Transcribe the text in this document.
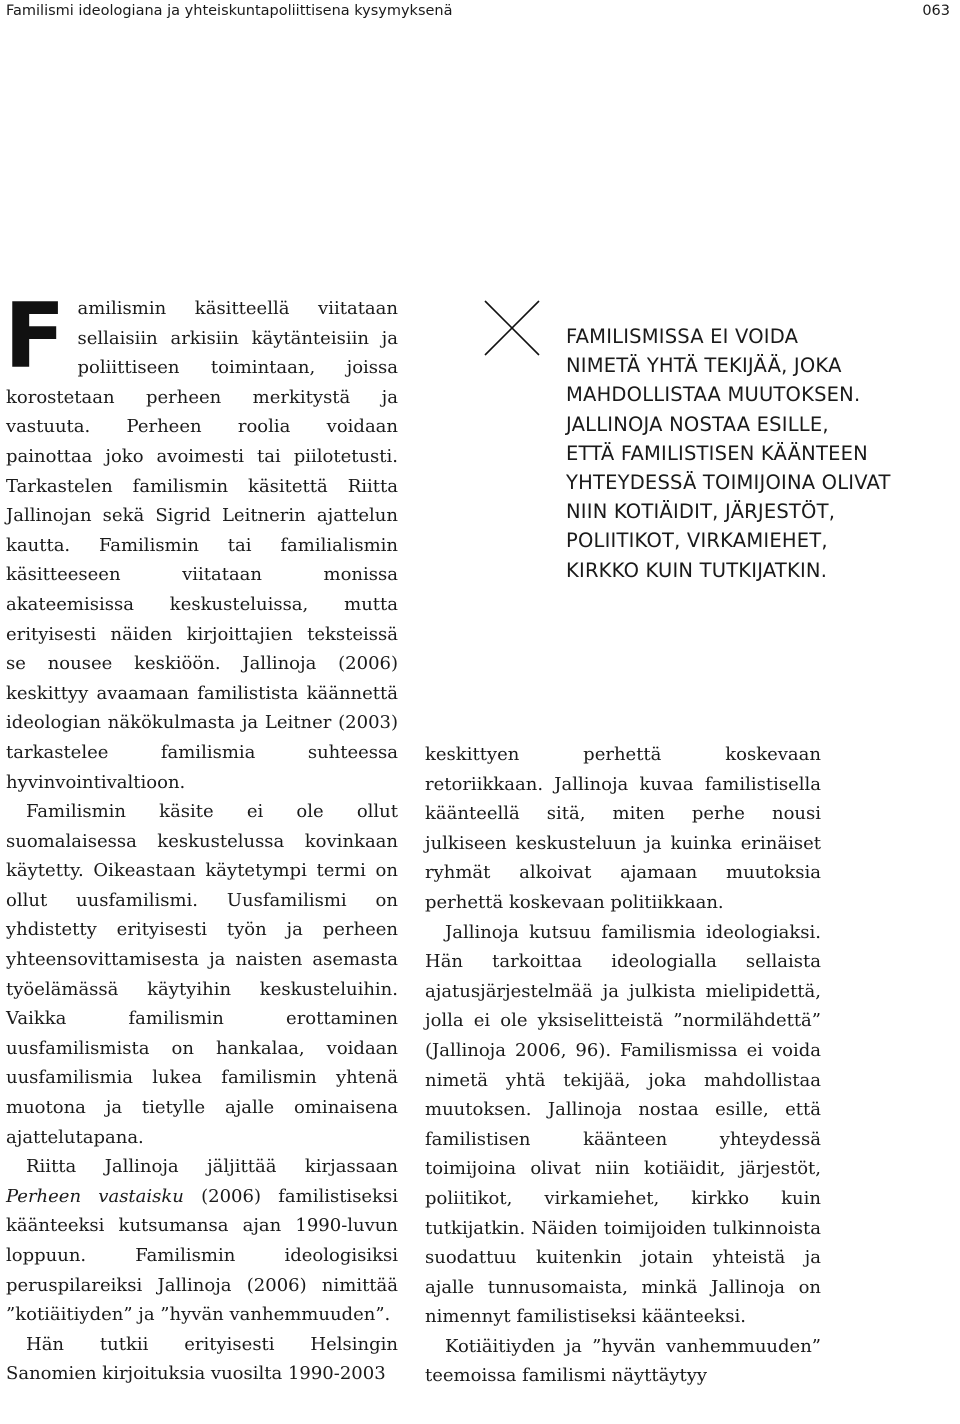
Familismi ideologiana ja yhteiskuntapoliittisena kysymyksenä	063

Familismin käsitteellä viitataan sellaisiin arkisiin käytänteisiin ja poliittiseen toimintaan, joissa korostetaan perheen merkitystä ja vastuuta. Perheen roolia voidaan painottaa joko avoimesti tai piilotetusti. Tarkastelen familismin käsitettä Riitta Jallinojan sekä Sigrid Leitnerin ajattelun kautta. Familismin tai familialismin käsitteeseen viitataan monissa akateemisissa keskusteluissa, mutta erityisesti näiden kirjoittajien teksteissä se nousee keskiöön. Jallinoja (2006) keskittyy avaamaan familistista käännettä ideologian näkökulmasta ja Leitner (2003) tarkastelee familismia suhteessa hyvinvointivaltioon.

Familismin käsite ei ole ollut suomalaisessa keskustelussa kovinkaan käytetty. Oikeastaan käytetympi termi on ollut uusfamilismi. Uusfamilismi on yhdistetty erityisesti työn ja perheen yhteensovittamisesta ja naisten asemasta työelämässä käytyihin keskusteluihin. Vaikka familismin erottaminen uusfamilismista on hankalaa, voidaan uusfamilismia lukea familismin yhtenä muotona ja tietylle ajalle ominaisena ajattelutapana.

Riitta Jallinoja jäljittää kirjassaan Perheen vastaisku (2006) familistiseksi käänteeksi kutsumansa ajan 1990-luvun loppuun. Familismin ideologisiksi peruspilareiksi Jallinoja (2006) nimittää ”kotiäitiyden” ja ”hyvän vanhemmuuden”.

Hän tutkii erityisesti Helsingin Sanomien kirjoituksia vuosilta 1990-2003

FAMILISMISSA EI VOIDA
NIMETÄ YHTÄ TEKIJÄÄ, JOKA
MAHDOLLISTAA MUUTOKSEN.
JALLINOJA NOSTAA ESILLE,
ETTÄ FAMILISTISEN KÄÄNTEEN
YHTEYDESSÄ TOIMIJOINA OLIVAT
NIIN KOTIÄIDIT, JÄRJESTÖT,
POLIITIKOT, VIRKAMIEHET,
KIRKKO KUIN TUTKIJATKIN.

keskittyen perhettä koskevaan retoriikkaan. Jallinoja kuvaa familistisella käänteellä sitä, miten perhe nousi julkiseen keskusteluun ja kuinka erinäiset ryhmät alkoivat ajamaan muutoksia perhettä koskevaan politiikkaan.

Jallinoja kutsuu familismia ideologiaksi. Hän tarkoittaa ideologialla sellaista ajatusjärjestelmää ja julkista mielipidettä, jolla ei ole yksiselitteistä ”normilähdettä” (Jallinoja 2006, 96). Familismissa ei voida nimetä yhtä tekijää, joka mahdollistaa muutoksen. Jallinoja nostaa esille, että familistisen käänteen yhteydessä toimijoina olivat niin kotiäidit, järjestöt, poliitikot, virkamiehet, kirkko kuin tutkijatkin. Näiden toimijoiden tulkinnoista suodattuu kuitenkin jotain yhteistä ja ajalle tunnusomaista, minkä Jallinoja on nimennyt familistiseksi käänteeksi.

Kotiäitiyden ja ”hyvän vanhemmuuden” teemoissa familismi näyttäytyy
